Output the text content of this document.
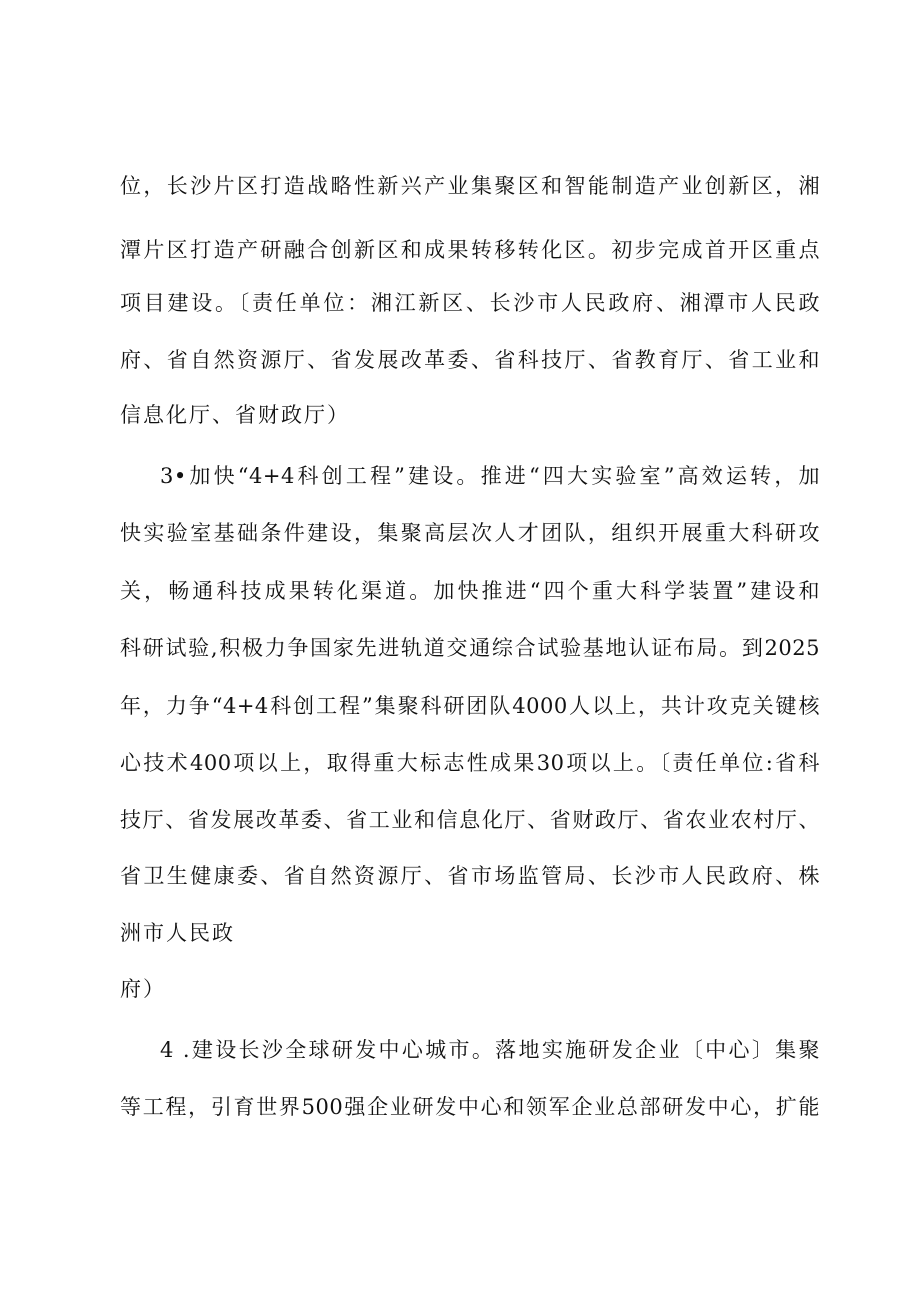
位，长沙片区打造战略性新兴产业集聚区和智能制造产业创新区，湘
潭片区打造产研融合创新区和成果转移转化区。初步完成首开区重点
项目建设。〔责任单位：湘江新区、长沙市人民政府、湘潭市人民政
府、省自然资源厅、省发展改革委、省科技厅、省教育厅、省工业和
信息化厅、省财政厅）
3•加快“4+4科创工程”建设。推进“四大实验室”高效运转，加
快实验室基础条件建设，集聚高层次人才团队，组织开展重大科研攻
关，畅通科技成果转化渠道。加快推进“四个重大科学装置”建设和
科研试验,积极力争国家先进轨道交通综合试验基地认证布局。到2025
年，力争“4+4科创工程”集聚科研团队4000人以上，共计攻克关键核
心技术400项以上，取得重大标志性成果30项以上。〔责任单位:省科
技厅、省发展改革委、省工业和信息化厅、省财政厅、省农业农村厅、
省卫生健康委、省自然资源厅、省市场监管局、长沙市人民政府、株
洲市人民政
府）
4 .建设长沙全球研发中心城市。落地实施研发企业〔中心〕集聚
等工程，引育世界500强企业研发中心和领军企业总部研发中心，扩能
